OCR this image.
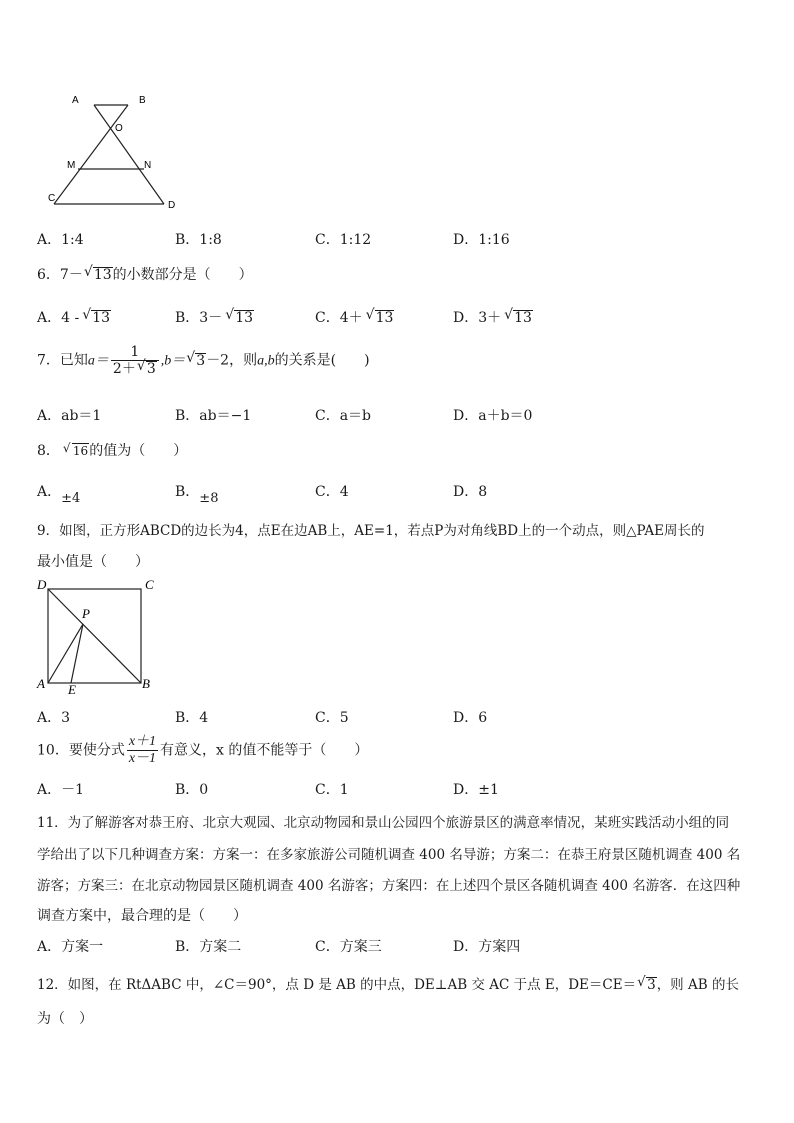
A	B
O
M	N
C
D
A．1:4	B．1:8	C．1:12	D．1:16
6．7－√ 13的小数部分是（　　）
A．4 -√ 13	B．3－√ 13	C．4＋√ 13	D．3＋√ 13
7．已知$a= \frac{1}{2+√ 3} ,b=√$ 3－2，则a,b的关系是(　　)
A．ab＝1	B．ab＝−1	C．a＝b	D．a＋b＝0
8．√ 16的值为（　　）
A．±4	B．±8	C．4	D．8
9．如图，正方形ABCD的边长为4，点E在边AB上，AE=1，若点P为对角线BD上的一个动点，则△PAE周长的
最小值是（　　）
D	C
P
A E	B
A．3	B．4	C．5	D．6
10．要使分式 $\frac{x+1}{x-1}$ 有意义，x 的值不能等于（　　）
A．－1	B．0	C．1	D．±1
11．为了解游客对恭王府、北京大观园、北京动物园和景山公园四个旅游景区的满意率情况，某班实践活动小组的同
学给出了以下几种调查方案：方案一：在多家旅游公司随机调查 400 名导游；方案二：在恭王府景区随机调查 400 名
游客；方案三：在北京动物园景区随机调查 400 名游客；方案四：在上述四个景区各随机调查 400 名游客．在这四种
调查方案中，最合理的是（　　）
A．方案一	B．方案二	C．方案三	D．方案四
12．如图，在 RtΔABC 中，∠C＝90°，点 D 是 AB 的中点，DE⊥AB 交 AC 于点 E，DE＝CE＝√ 3，则 AB 的长
为（　）
